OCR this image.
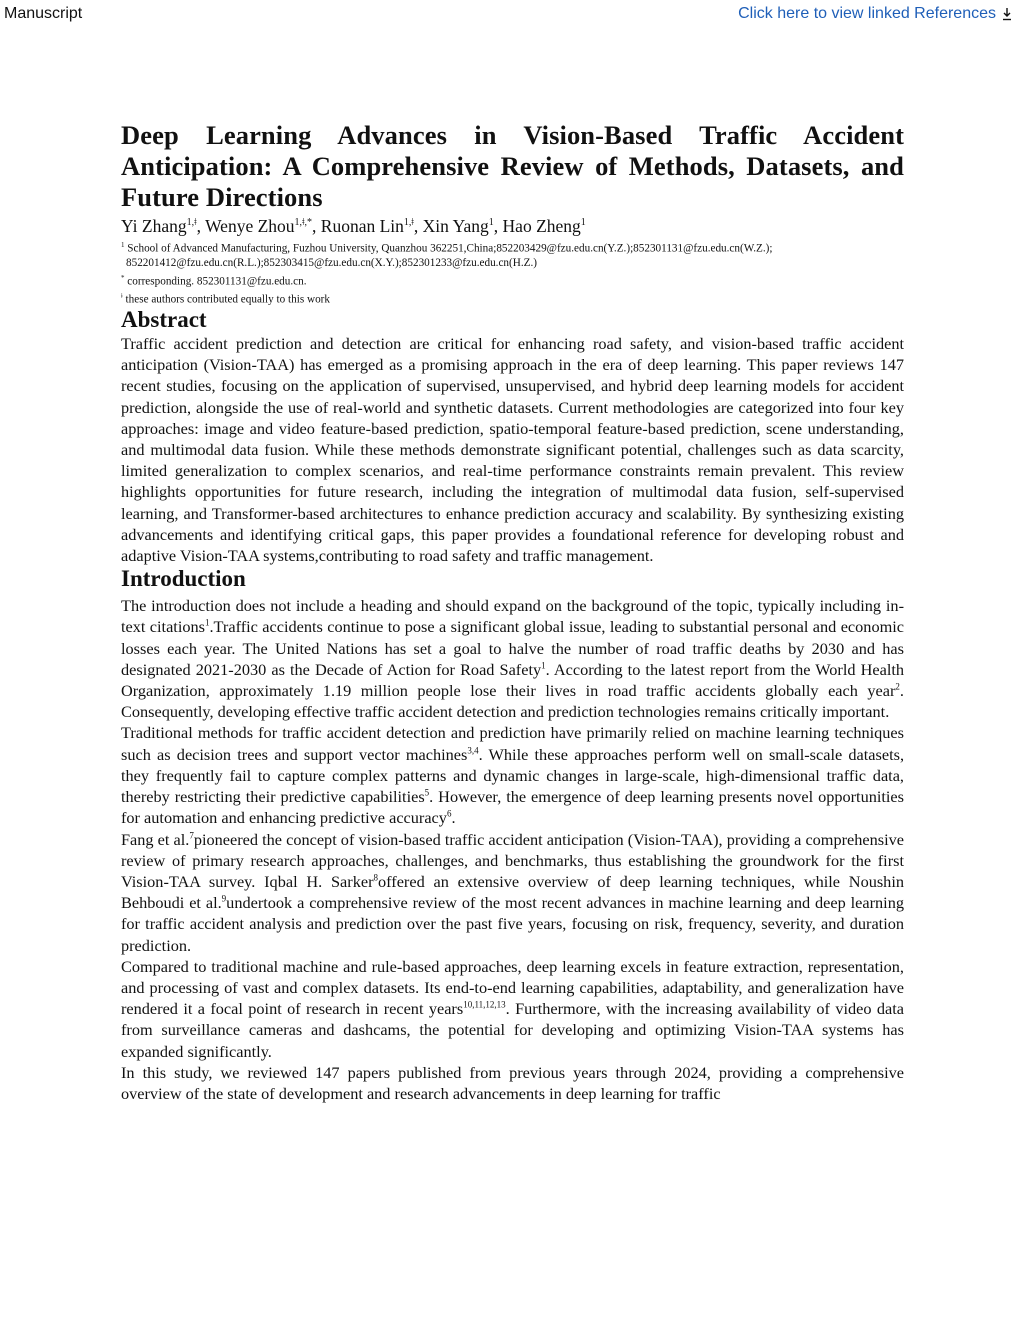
Manuscript	Click here to view linked References
Deep Learning Advances in Vision-Based Traffic Accident Anticipation: A Comprehensive Review of Methods, Datasets, and Future Directions
Yi Zhang$^{1,ǂ}$, Wenye Zhou$^{1,ǂ,*}$, Ruonan Lin$^{1,ǂ}$, Xin Yang$^1$, Hao Zheng$^1$
$^1$ School of Advanced Manufacturing, Fuzhou University, Quanzhou 362251,China;852203429@fzu.edu.cn(Y.Z.);852301131@fzu.edu.cn(W.Z.); 852201412@fzu.edu.cn(R.L.);852303415@fzu.edu.cn(X.Y.);852301233@fzu.edu.cn(H.Z.)
* corresponding. 852301131@fzu.edu.cn.
$^ǂ$ these authors contributed equally to this work
Abstract

Traffic accident prediction and detection are critical for enhancing road safety, and vision-based traffic accident anticipation (Vision-TAA) has emerged as a promising approach in the era of deep learning. This paper reviews 147 recent studies, focusing on the application of supervised, unsupervised, and hybrid deep learning models for accident prediction, alongside the use of real-world and synthetic datasets. Current methodologies are categorized into four key approaches: image and video feature-based prediction, spatio-temporal feature-based prediction, scene understanding, and multimodal data fusion. While these methods demonstrate significant potential, challenges such as data scarcity, limited generalization to complex scenarios, and real-time performance constraints remain prevalent. This review highlights opportunities for future research, including the integration of multimodal data fusion, self-supervised learning, and Transformer-based architectures to enhance prediction accuracy and scalability. By synthesizing existing advancements and identifying critical gaps, this paper provides a foundational reference for developing robust and adaptive Vision-TAA systems,contributing to road safety and traffic management.

Introduction

The introduction does not include a heading and should expand on the background of the topic, typically including in-text citations$^1$.Traffic accidents continue to pose a significant global issue, leading to substantial personal and economic losses each year. The United Nations has set a goal to halve the number of road traffic deaths by 2030 and has designated 2021-2030 as the Decade of Action for Road Safety$^1$. According to the latest report from the World Health Organization, approximately 1.19 million people lose their lives in road traffic accidents globally each year$^2$. Consequently, developing effective traffic accident detection and prediction technologies remains critically important.

Traditional methods for traffic accident detection and prediction have primarily relied on machine learning techniques such as decision trees and support vector machines$^{3,4}$. While these approaches perform well on small-scale datasets, they frequently fail to capture complex patterns and dynamic changes in large-scale, high-dimensional traffic data, thereby restricting their predictive capabilities$^5$. However, the emergence of deep learning presents novel opportunities for automation and enhancing predictive accuracy$^6$.

Fang et al.$^7$pioneered the concept of vision-based traffic accident anticipation (Vision-TAA), providing a comprehensive review of primary research approaches, challenges, and benchmarks, thus establishing the groundwork for the first Vision-TAA survey. Iqbal H. Sarker$^8$offered an extensive overview of deep learning techniques, while Noushin Behboudi et al.$^9$undertook a comprehensive review of the most recent advances in machine learning and deep learning for traffic accident analysis and prediction over the past five years, focusing on risk, frequency, severity, and duration prediction.

Compared to traditional machine and rule-based approaches, deep learning excels in feature extraction, representation, and processing of vast and complex datasets. Its end-to-end learning capabilities, adaptability, and generalization have rendered it a focal point of research in recent years$^{10,11,12,13}$. Furthermore, with the increasing availability of video data from surveillance cameras and dashcams, the potential for developing and optimizing Vision-TAA systems has expanded significantly.

In this study, we reviewed 147 papers published from previous years through 2024, providing a comprehensive overview of the state of development and research advancements in deep learning for traffic
